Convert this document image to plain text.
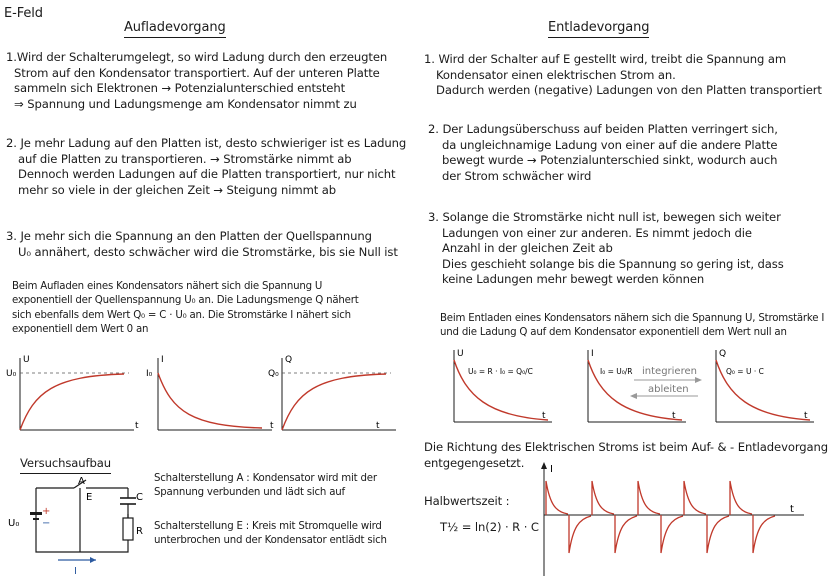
E-Feld
Aufladevorgang
1.Wird der Schalterumgelegt, so wird Ladung durch den erzeugten
Strom auf den Kondensator transportiert. Auf der unteren Platte
sammeln sich Elektronen → Potenzialunterschied entsteht
⇒ Spannung und Ladungsmenge am Kondensator nimmt zu
2. Je mehr Ladung auf den Platten ist, desto schwieriger ist es Ladung
auf die Platten zu transportieren. → Stromstärke nimmt ab
Dennoch werden Ladungen auf die Platten transportiert, nur nicht
mehr so viele in der gleichen Zeit → Steigung nimmt ab
3. Je mehr sich die Spannung an den Platten der Quellspannung
U₀ annähert, desto schwächer wird die Stromstärke, bis sie Null ist
Beim Aufladen eines Kondensators nähert sich die Spannung U
exponentiell der Quellenspannung U₀ an. Die Ladungsmenge Q nähert
sich ebenfalls dem Wert Q₀ = C · U₀ an. Die Stromstärke I nähert sich
exponentiell dem Wert 0 an
U
U₀
t
I
I₀
t
Q
Q₀
t
Versuchsaufbau
A
E	C
R
U₀
+
−
I
Schalterstellung A : Kondensator wird mit der
Spannung verbunden und lädt sich auf
Schalterstellung E : Kreis mit Stromquelle wird
unterbrochen und der Kondensator entlädt sich
Entladevorgang
1. Wird der Schalter auf E gestellt wird, treibt die Spannung am
Kondensator einen elektrischen Strom an.
Dadurch werden (negative) Ladungen von den Platten transportiert
2. Der Ladungsüberschuss auf beiden Platten verringert sich,
da ungleichnamige Ladung von einer auf die andere Platte
bewegt wurde → Potenzialunterschied sinkt, wodurch auch
der Strom schwächer wird
3. Solange die Stromstärke nicht null ist, bewegen sich weiter
Ladungen von einer zur anderen. Es nimmt jedoch die
Anzahl in der gleichen Zeit ab
Dies geschieht solange bis die Spannung so gering ist, dass
keine Ladungen mehr bewegt werden können
Beim Entladen eines Kondensators nähern sich die Spannung U, Stromstärke I
und die Ladung Q auf dem Kondensator exponentiell dem Wert null an
U
U₀ = R · I₀ = Q₀/C
t
I
I₀ = U₀/R
t
integrieren
ableiten
Q
Q₀ = U · C
t
Die Richtung des Elektrischen Stroms ist beim Auf- & - Entladevorgang
entgegengesetzt.
Halbwertszeit :
T½ = ln(2) · R · C
I
t
